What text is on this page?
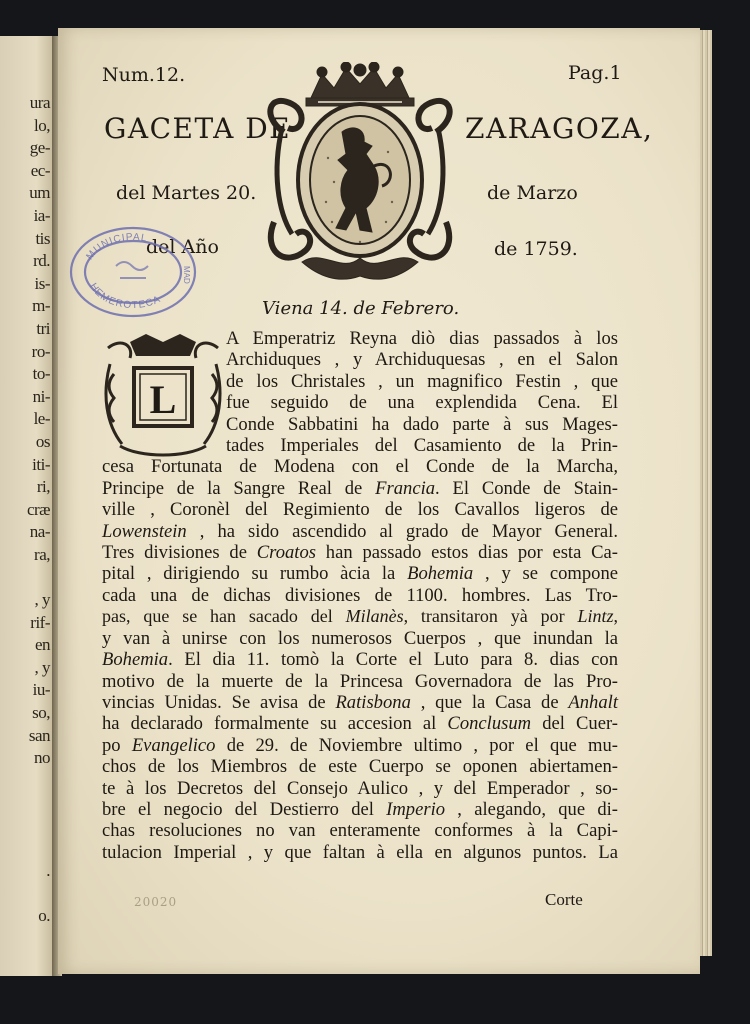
ura
lo,
ge-
ec-
um
ia-
tis
rd.
is-
m-
tri
ro-
to-
ni-
le-
os
iti-
ri,
cræ
na-
ra,
, y
rif-
en
, y
iu-
so,
san
no
.
o.
Num.12.	Pag.1
GACETA DE	ZARAGOZA,
del Martes 20.	de Marzo
del Año	de 1759.
MUNICIPAL
HEMEROTECA
MAD
L
Viena 14. de Febrero.
A Emperatriz Reyna diò dias passados à los
Archiduques , y Archiduquesas , en el Salon
de los Christales , un magnifico Festin , que
fue seguido de una explendida Cena. El
Conde Sabbatini ha dado parte à sus Mages-
tades Imperiales del Casamiento de la Prin-
cesa Fortunata de Modena con el Conde de la Marcha,
Principe de la Sangre Real de Francia. El Conde de Stain-
ville , Coronèl del Regimiento de los Cavallos ligeros de
Lowenstein , ha sido ascendido al grado de Mayor General.
Tres divisiones de Croatos han passado estos dias por esta Ca-
pital , dirigiendo su rumbo àcia la Bohemia , y se compone
cada una de dichas divisiones de 1100. hombres. Las Tro-
pas, que se han sacado del Milanès, transitaron yà por Lintz,
y van à unirse con los numerosos Cuerpos , que inundan la
Bohemia. El dia 11. tomò la Corte el Luto para 8. dias con
motivo de la muerte de la Princesa Governadora de las Pro-
vincias Unidas. Se avisa de Ratisbona , que la Casa de Anhalt
ha declarado formalmente su accesion al Conclusum del Cuer-
po Evangelico de 29. de Noviembre ultimo , por el que mu-
chos de los Miembros de este Cuerpo se oponen abiertamen-
te à los Decretos del Consejo Aulico , y del Emperador , so-
bre el negocio del Destierro del Imperio , alegando, que di-
chas resoluciones no van enteramente conformes à la Capi-
tulacion Imperial , y que faltan à ella en algunos puntos. La
Corte
20020
